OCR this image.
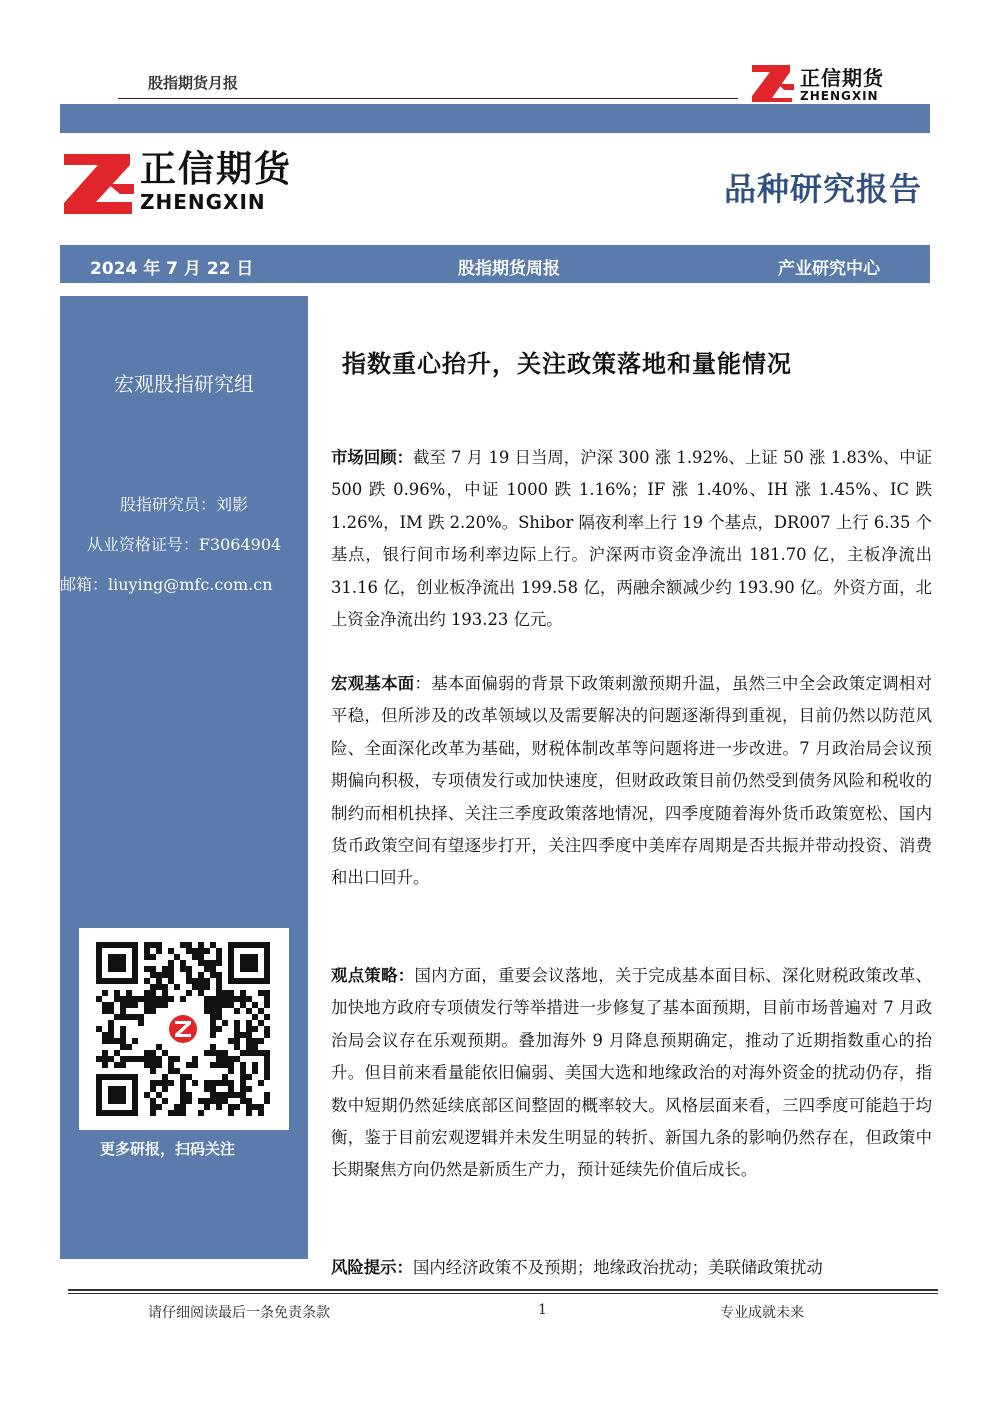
股指期货月报	正信期货
ZHENGXIN
正信期货
ZHENGXIN	品种研究报告
2024 年 7 月 22 日	股指期货周报	产业研究中心
宏观股指研究组
股指研究员：刘影
从业资格证号：F3064904
邮箱：liuying@mfc.com.cn
更多研报，扫码关注
指数重心抬升，关注政策落地和量能情况
市场回顾：截至 7 月 19 日当周，沪深 300 涨 1.92%、上证 50 涨 1.83%、中证 500 跌 0.96%，中证 1000 跌 1.16%；IF 涨 1.40%、IH 涨 1.45%、IC 跌 1.26%，IM 跌 2.20%。Shibor 隔夜利率上行 19 个基点，DR007 上行 6.35 个基点，银行间市场利率边际上行。沪深两市资金净流出 181.70 亿，主板净流出 31.16 亿，创业板净流出 199.58 亿，两融余额减少约 193.90 亿。外资方面，北上资金净流出约 193.23 亿元。
宏观基本面：基本面偏弱的背景下政策刺激预期升温，虽然三中全会政策定调相对平稳，但所涉及的改革领域以及需要解决的问题逐渐得到重视，目前仍然以防范风险、全面深化改革为基础，财税体制改革等问题将进一步改进。7 月政治局会议预期偏向积极，专项债发行或加快速度，但财政政策目前仍然受到债务风险和税收的制约而相机抉择、关注三季度政策落地情况，四季度随着海外货币政策宽松、国内货币政策空间有望逐步打开，关注四季度中美库存周期是否共振并带动投资、消费和出口回升。
观点策略：国内方面，重要会议落地，关于完成基本面目标、深化财税政策改革、加快地方政府专项债发行等举措进一步修复了基本面预期，目前市场普遍对 7 月政治局会议存在乐观预期。叠加海外 9 月降息预期确定，推动了近期指数重心的抬升。但目前来看量能依旧偏弱、美国大选和地缘政治的对海外资金的扰动仍存，指数中短期仍然延续底部区间整固的概率较大。风格层面来看，三四季度可能趋于均衡，鉴于目前宏观逻辑并未发生明显的转折、新国九条的影响仍然存在，但政策中长期聚焦方向仍然是新质生产力，预计延续先价值后成长。
风险提示：国内经济政策不及预期；地缘政治扰动；美联储政策扰动
请仔细阅读最后一条免责条款	1	专业成就未来
